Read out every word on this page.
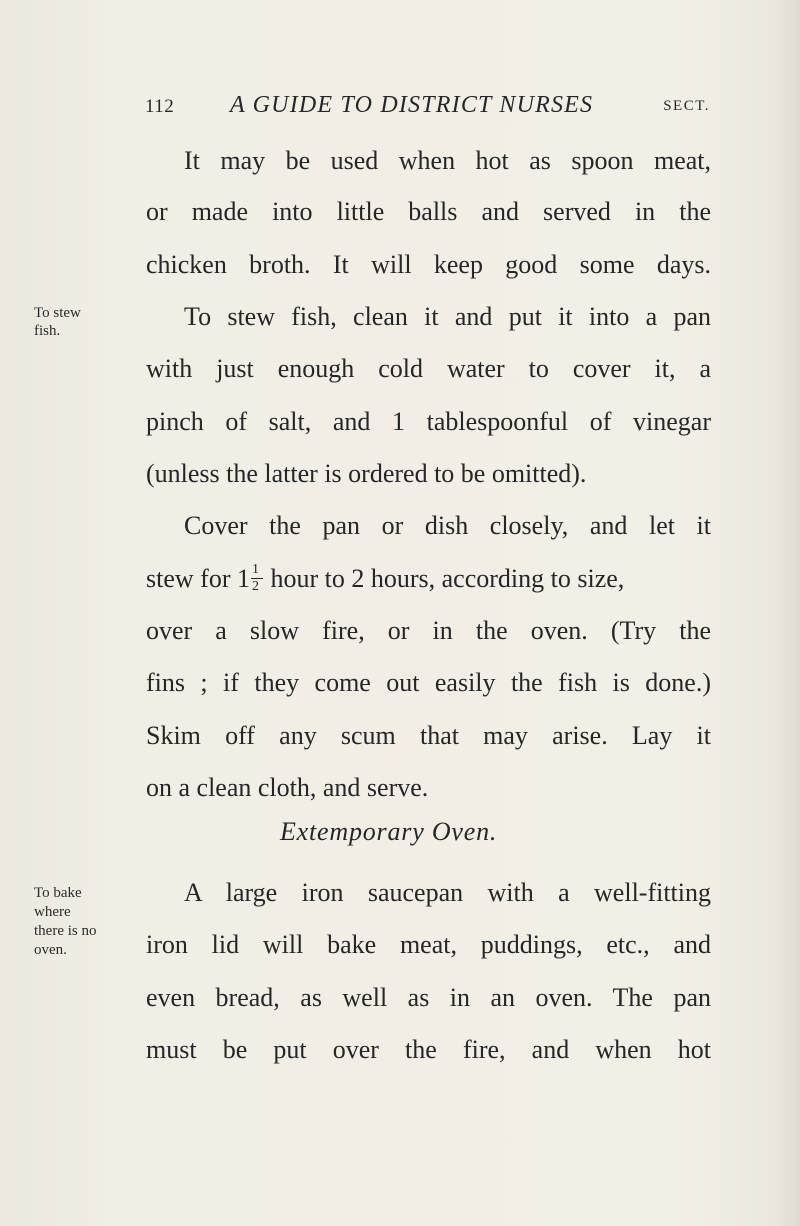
112 A GUIDE TO DISTRICT NURSES	SECT.
It may be used when hot as spoon meat,
or made into little balls and served in the
chicken broth. It will keep good some days.
To stew fish, clean it and put it into a pan
with just enough cold water to cover it, a
pinch of salt, and 1 tablespoonful of vinegar
(unless the latter is ordered to be omitted).
Cover the pan or dish closely, and let it
stew for $1 \frac{1}{2}$ hour to 2 hours, according to size,
over a slow fire, or in the oven. (Try the
fins ; if they come out easily the fish is done.)
Skim off any scum that may arise. Lay it
on a clean cloth, and serve.
Extemporary Oven.
A large iron saucepan with a well-fitting
iron lid will bake meat, puddings, etc., and
even bread, as well as in an oven. The pan
must be put over the fire, and when hot
To stew
fish.
To bake
where
there is no
oven.
